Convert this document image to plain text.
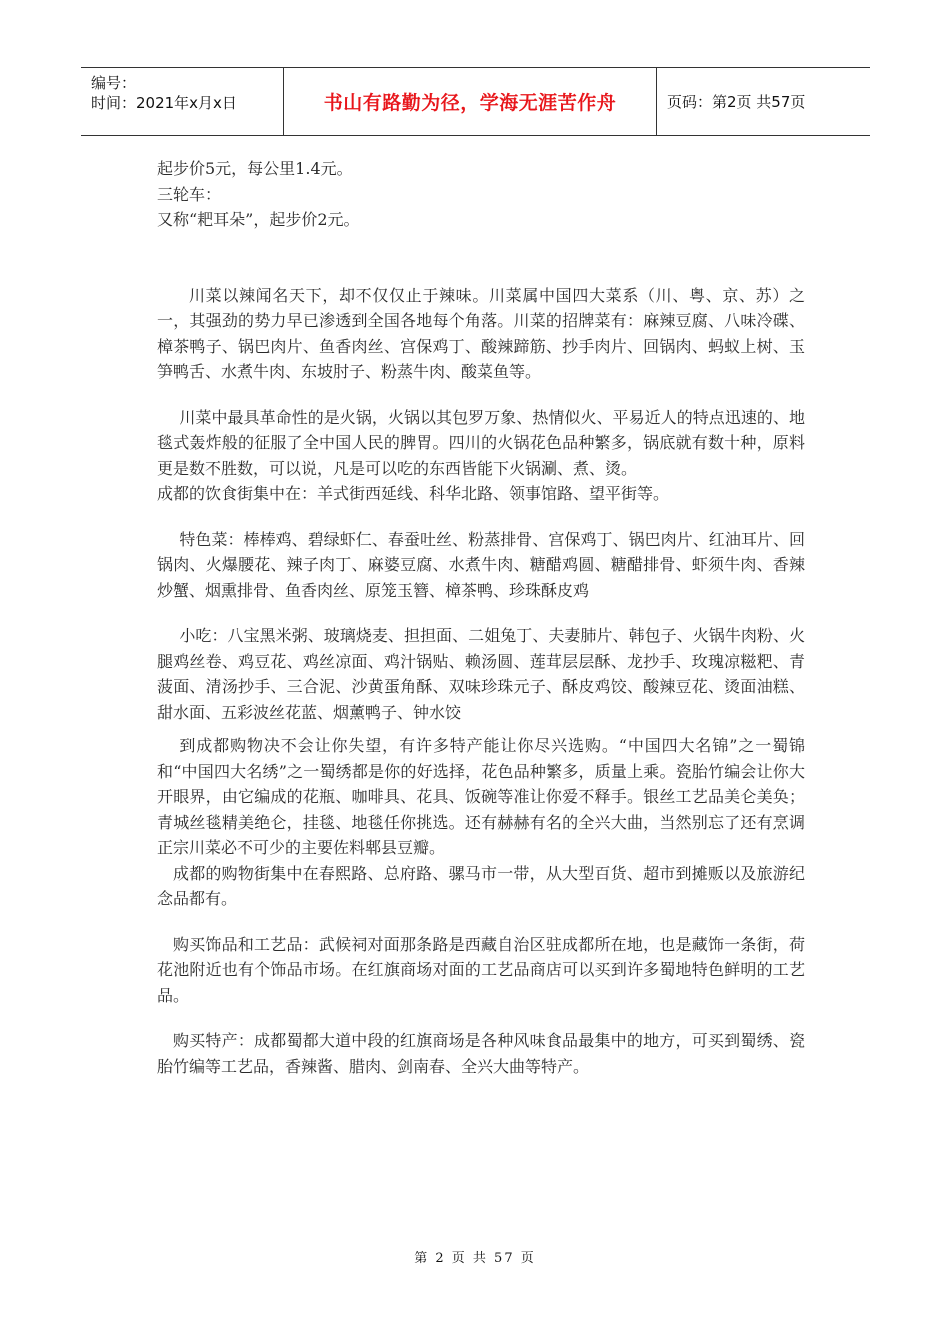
编号：
时间：2021年x月x日	书山有路勤为径，学海无涯苦作舟	页码：第2页 共57页

起步价5元，每公里1.4元。

三轮车：

又称“耙耳朵”，起步价2元。

川菜以辣闻名天下，却不仅仅止于辣味。川菜属中国四大菜系（川、粤、京、苏）之一，其强劲的势力早已渗透到全国各地每个角落。川菜的招牌菜有：麻辣豆腐、八味冷碟、樟茶鸭子、锅巴肉片、鱼香肉丝、宫保鸡丁、酸辣蹄筋、抄手肉片、回锅肉、蚂蚁上树、玉笋鸭舌、水煮牛肉、东坡肘子、粉蒸牛肉、酸菜鱼等。

川菜中最具革命性的是火锅，火锅以其包罗万象、热情似火、平易近人的特点迅速的、地毯式轰炸般的征服了全中国人民的脾胃。四川的火锅花色品种繁多，锅底就有数十种，原料更是数不胜数，可以说，凡是可以吃的东西皆能下火锅涮、煮、烫。

成都的饮食街集中在：羊式街西延线、科华北路、领事馆路、望平街等。

特色菜：棒棒鸡、碧绿虾仁、春蚕吐丝、粉蒸排骨、宫保鸡丁、锅巴肉片、红油耳片、回锅肉、火爆腰花、辣子肉丁、麻婆豆腐、水煮牛肉、糖醋鸡圆、糖醋排骨、虾须牛肉、香辣炒蟹、烟熏排骨、鱼香肉丝、原笼玉簪、樟茶鸭、珍珠酥皮鸡

小吃：八宝黑米粥、玻璃烧麦、担担面、二姐兔丁、夫妻肺片、韩包子、火锅牛肉粉、火腿鸡丝卷、鸡豆花、鸡丝凉面、鸡汁锅贴、赖汤圆、莲茸层层酥、龙抄手、玫瑰凉糍粑、青菠面、清汤抄手、三合泥、沙黄蛋角酥、双味珍珠元子、酥皮鸡饺、酸辣豆花、烫面油糕、甜水面、五彩波丝花蓝、烟薰鸭子、钟水饺

到成都购物决不会让你失望，有许多特产能让你尽兴选购。“中国四大名锦”之一蜀锦和“中国四大名绣”之一蜀绣都是你的好选择，花色品种繁多，质量上乘。瓷胎竹编会让你大开眼界，由它编成的花瓶、咖啡具、花具、饭碗等准让你爱不释手。银丝工艺品美仑美奂；青城丝毯精美绝仑，挂毯、地毯任你挑选。还有赫赫有名的全兴大曲，当然别忘了还有烹调正宗川菜必不可少的主要佐料郫县豆瓣。

成都的购物街集中在春熙路、总府路、骡马市一带，从大型百货、超市到摊贩以及旅游纪念品都有。

购买饰品和工艺品：武候祠对面那条路是西藏自治区驻成都所在地，也是藏饰一条街，荷花池附近也有个饰品市场。在红旗商场对面的工艺品商店可以买到许多蜀地特色鲜明的工艺品。

购买特产：成都蜀都大道中段的红旗商场是各种风味食品最集中的地方，可买到蜀绣、瓷胎竹编等工艺品，香辣酱、腊肉、剑南春、全兴大曲等特产。

第 2 页 共 57 页
